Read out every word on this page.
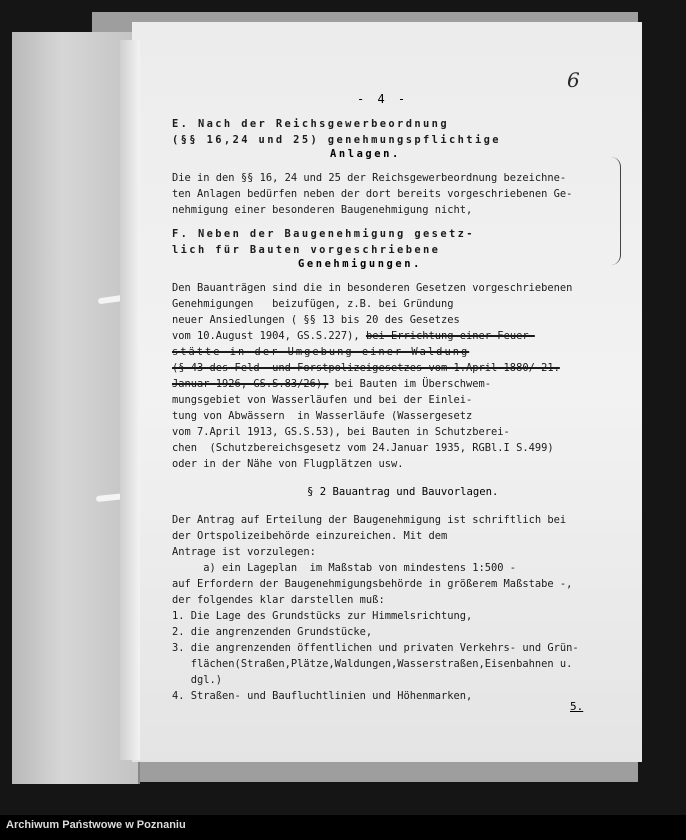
6
- 4 -
E. Nach der Reichsgewerbeordnung
(§§ 16,24 und 25) genehmungspflichtige
Anlagen.
Die in den §§ 16, 24 und 25 der Reichsgewerbeordnung bezeichne-
ten Anlagen bedürfen neben der dort bereits vorgeschriebenen Ge-
nehmigung einer besonderen Baugenehmigung nicht,
F. Neben der Baugenehmigung gesetz-
lich für Bauten vorgeschriebene
Genehmigungen.
Den Bauanträgen sind die in besonderen Gesetzen vorgeschriebenen
Genehmigungen   beizufügen, z.B. bei Gründung
neuer Ansiedlungen ( §§ 13 bis 20 des Gesetzes
vom 10.August 1904, GS.S.227), bei Errichtung einer Feuer-
stätte in der Umgebung einer Waldung
(§ 43 des Feld- und Forstpolizeigesetzes vom 1.April 1880/ 21.
Januar 1926, GS.S.83/26), bei Bauten im Überschwem-
mungsgebiet von Wasserläufen und bei der Einlei-
tung von Abwässern  in Wasserläufe (Wassergesetz
vom 7.April 1913, GS.S.53), bei Bauten in Schutzberei-
chen  (Schutzbereichsgesetz vom 24.Januar 1935, RGBl.I S.499)
oder in der Nähe von Flugplätzen usw.
§ 2 Bauantrag und Bauvorlagen.
Der Antrag auf Erteilung der Baugenehmigung ist schriftlich bei
der Ortspolizeibehörde einzureichen. Mit dem
Antrage ist vorzulegen:
a) ein Lageplan  im Maßstab von mindestens 1:500 -
auf Erfordern der Baugenehmigungsbehörde in größerem Maßstabe -,
der folgendes klar darstellen muß:
1. Die Lage des Grundstücks zur Himmelsrichtung,
2. die angrenzenden Grundstücke,
3. die angrenzenden öffentlichen und privaten Verkehrs- und Grün-
flächen(Straßen,Plätze,Waldungen,Wasserstraßen,Eisenbahnen u.
dgl.)
4. Straßen- und Baufluchtlinien und Höhenmarken,
5.
Archiwum Państwowe w Poznaniu
